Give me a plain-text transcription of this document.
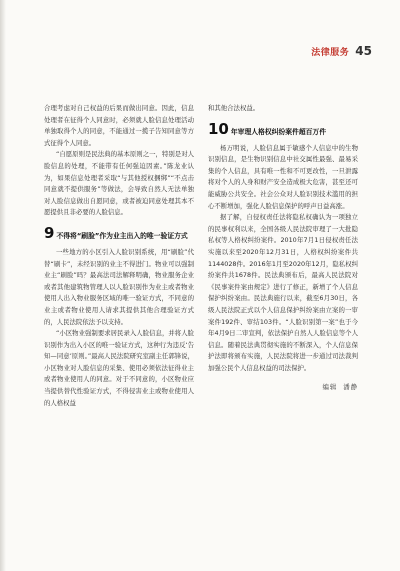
法律服务 45

合理考虑对自己权益的后果而做出同意。因此，信息处理者在征得个人同意时，必须就人脸信息处理活动单独取得个人的同意，不能通过一揽子告知同意等方式征得个人同意。

“自愿原则是民法典的基本原则之一，特别是对人脸信息的处理，不能带有任何强迫因素。”陈龙业认为，如果信息处理者采取“与其他授权捆绑”“不点击同意就不提供服务”等做法，会导致自然人无法单独对人脸信息做出自愿同意，或者被迫同意处理其本不愿提供且非必要的人脸信息。

9 不得将“刷脸”作为业主出入的唯一验证方式

一些地方的小区引入人脸识别系统，用“刷脸”代替“刷卡”，未经识别的业主不得进门。物业可以强制业主“刷脸”吗？最高法司法解释明确，物业服务企业或者其他建筑物管理人以人脸识别作为业主或者物业使用人出入物业服务区域的唯一验证方式，不同意的业主或者物业使用人请求其提供其他合理验证方式的，人民法院依法予以支持。

“小区物业强制要求居民录入人脸信息，并将人脸识别作为出入小区的唯一验证方式，这种行为违反‘告知—同意’原则。”最高人民法院研究室副主任郭锋说，小区物业对人脸信息的采集、使用必须依法征得业主或者物业使用人的同意。对于不同意的，小区物业应当提供替代性验证方式，不得侵害业主或物业使用人的人格权益

和其他合法权益。

10 年审理人格权纠纷案件超百万件

杨万明说，人脸信息属于敏感个人信息中的生物识别信息，是生物识别信息中社交属性最强、最易采集的个人信息，具有唯一性和不可更改性，一旦泄露将对个人的人身和财产安全造成极大危害，甚至还可能威胁公共安全。社会公众对人脸识别技术滥用的担心不断增加，强化人脸信息保护的呼声日益高涨。

据了解，自侵权责任法将隐私权确认为一项独立的民事权利以来，全国各级人民法院审理了一大批隐私权等人格权纠纷案件。2010年7月1日侵权责任法实施以来至2020年12月31日，人格权纠纷案件共1144028件。2016年1月至2020年12月，隐私权纠纷案件共1678件。民法典颁布后，最高人民法院对《民事案件案由规定》进行了修正，新增了个人信息保护纠纷案由。民法典施行以来，截至6月30日，各级人民法院正式以个人信息保护纠纷案由立案的一审案件192件、审结103件。“人脸识别第一案”也于今年4月9日二审宣判，依法保护自然人人脸信息等个人信息。随着民法典贯彻实施的不断深入，个人信息保护法即将颁布实施，人民法院将进一步通过司法裁判加强公民个人信息权益的司法保护。

编辑 潘静
